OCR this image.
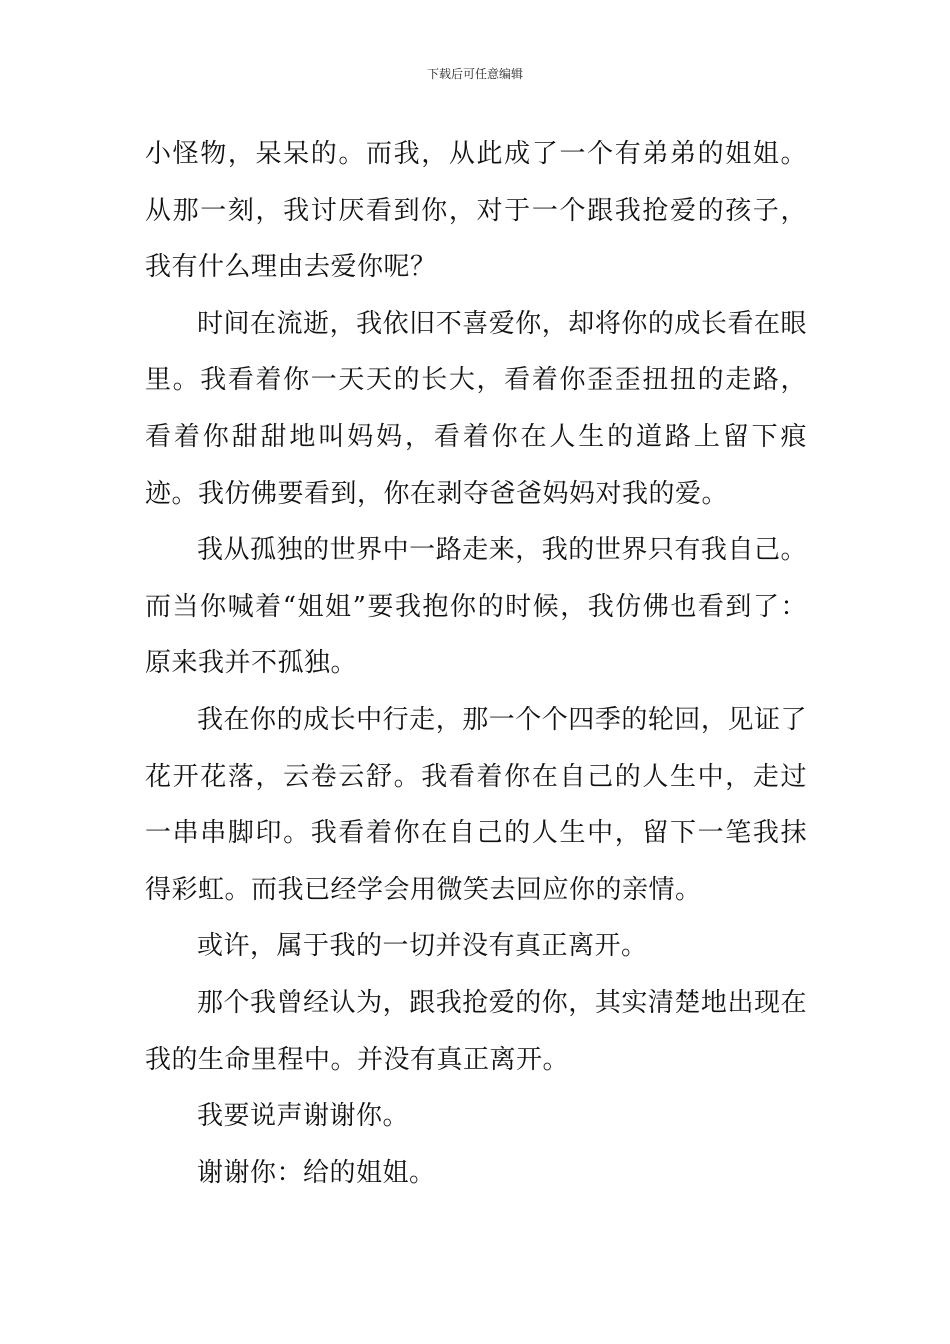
下载后可任意编辑

小怪物，呆呆的。而我，从此成了一个有弟弟的姐姐。从那一刻，我讨厌看到你，对于一个跟我抢爱的孩子，我有什么理由去爱你呢？

时间在流逝，我依旧不喜爱你，却将你的成长看在眼里。我看着你一天天的长大，看着你歪歪扭扭的走路，看着你甜甜地叫妈妈，看着你在人生的道路上留下痕迹。我仿佛要看到，你在剥夺爸爸妈妈对我的爱。

我从孤独的世界中一路走来，我的世界只有我自己。而当你喊着“姐姐”要我抱你的时候，我仿佛也看到了：原来我并不孤独。

我在你的成长中行走，那一个个四季的轮回，见证了花开花落，云卷云舒。我看着你在自己的人生中，走过一串串脚印。我看着你在自己的人生中，留下一笔我抹得彩虹。而我已经学会用微笑去回应你的亲情。

或许，属于我的一切并没有真正离开。

那个我曾经认为，跟我抢爱的你，其实清楚地出现在我的生命里程中。并没有真正离开。

我要说声谢谢你。

谢谢你：给的姐姐。
